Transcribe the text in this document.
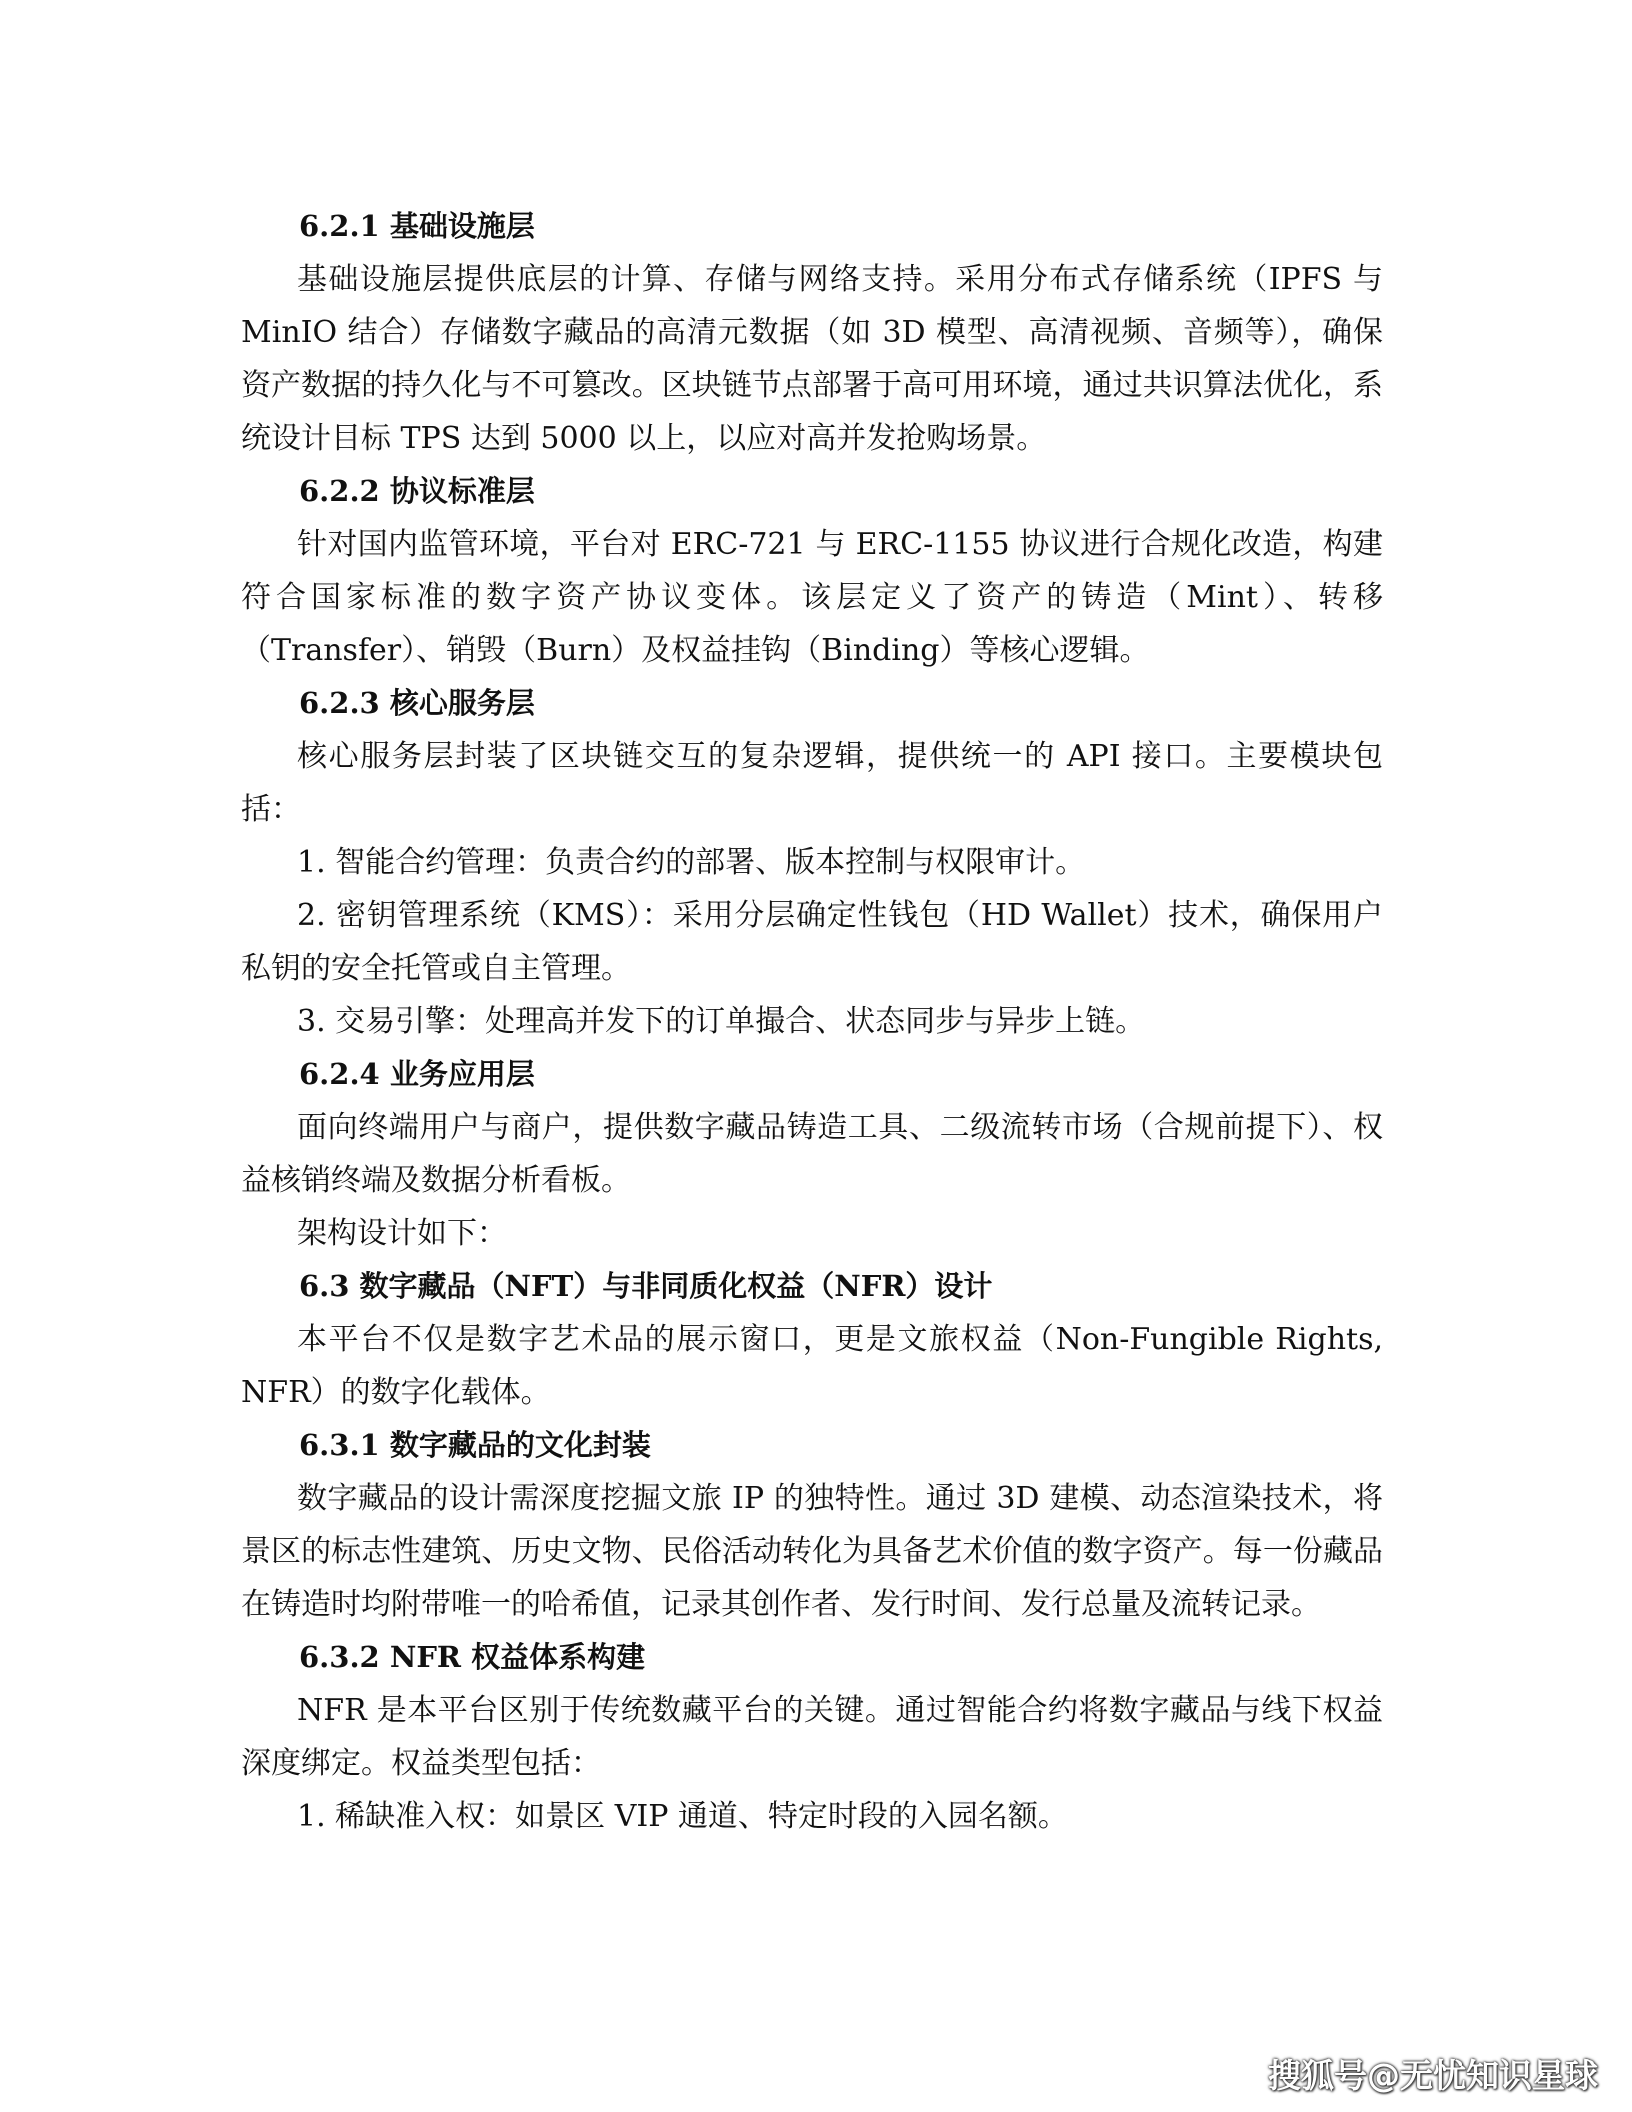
6.2.1 基础设施层

基础设施层提供底层的计算、存储与网络支持。采用分布式存储系统（IPFS 与 MinIO 结合）存储数字藏品的高清元数据（如 3D 模型、高清视频、音频等），确保资产数据的持久化与不可篡改。区块链节点部署于高可用环境，通过共识算法优化，系统设计目标 TPS 达到 5000 以上，以应对高并发抢购场景。

6.2.2 协议标准层

针对国内监管环境，平台对 ERC-721 与 ERC-1155 协议进行合规化改造，构建符合国家标准的数字资产协议变体。该层定义了资产的铸造（Mint）、转移（Transfer）、销毁（Burn）及权益挂钩（Binding）等核心逻辑。

6.2.3 核心服务层

核心服务层封装了区块链交互的复杂逻辑，提供统一的 API 接口。主要模块包括：

1. 智能合约管理：负责合约的部署、版本控制与权限审计。

2. 密钥管理系统（KMS）：采用分层确定性钱包（HD Wallet）技术，确保用户私钥的安全托管或自主管理。

3. 交易引擎：处理高并发下的订单撮合、状态同步与异步上链。

6.2.4 业务应用层

面向终端用户与商户，提供数字藏品铸造工具、二级流转市场（合规前提下）、权益核销终端及数据分析看板。

架构设计如下：

6.3 数字藏品（NFT）与非同质化权益（NFR）设计

本平台不仅是数字艺术品的展示窗口，更是文旅权益（Non-Fungible Rights, NFR）的数字化载体。

6.3.1 数字藏品的文化封装

数字藏品的设计需深度挖掘文旅 IP 的独特性。通过 3D 建模、动态渲染技术，将景区的标志性建筑、历史文物、民俗活动转化为具备艺术价值的数字资产。每一份藏品在铸造时均附带唯一的哈希值，记录其创作者、发行时间、发行总量及流转记录。

6.3.2 NFR 权益体系构建

NFR 是本平台区别于传统数藏平台的关键。通过智能合约将数字藏品与线下权益深度绑定。权益类型包括：

1. 稀缺准入权：如景区 VIP 通道、特定时段的入园名额。

搜狐号@无忧知识星球
